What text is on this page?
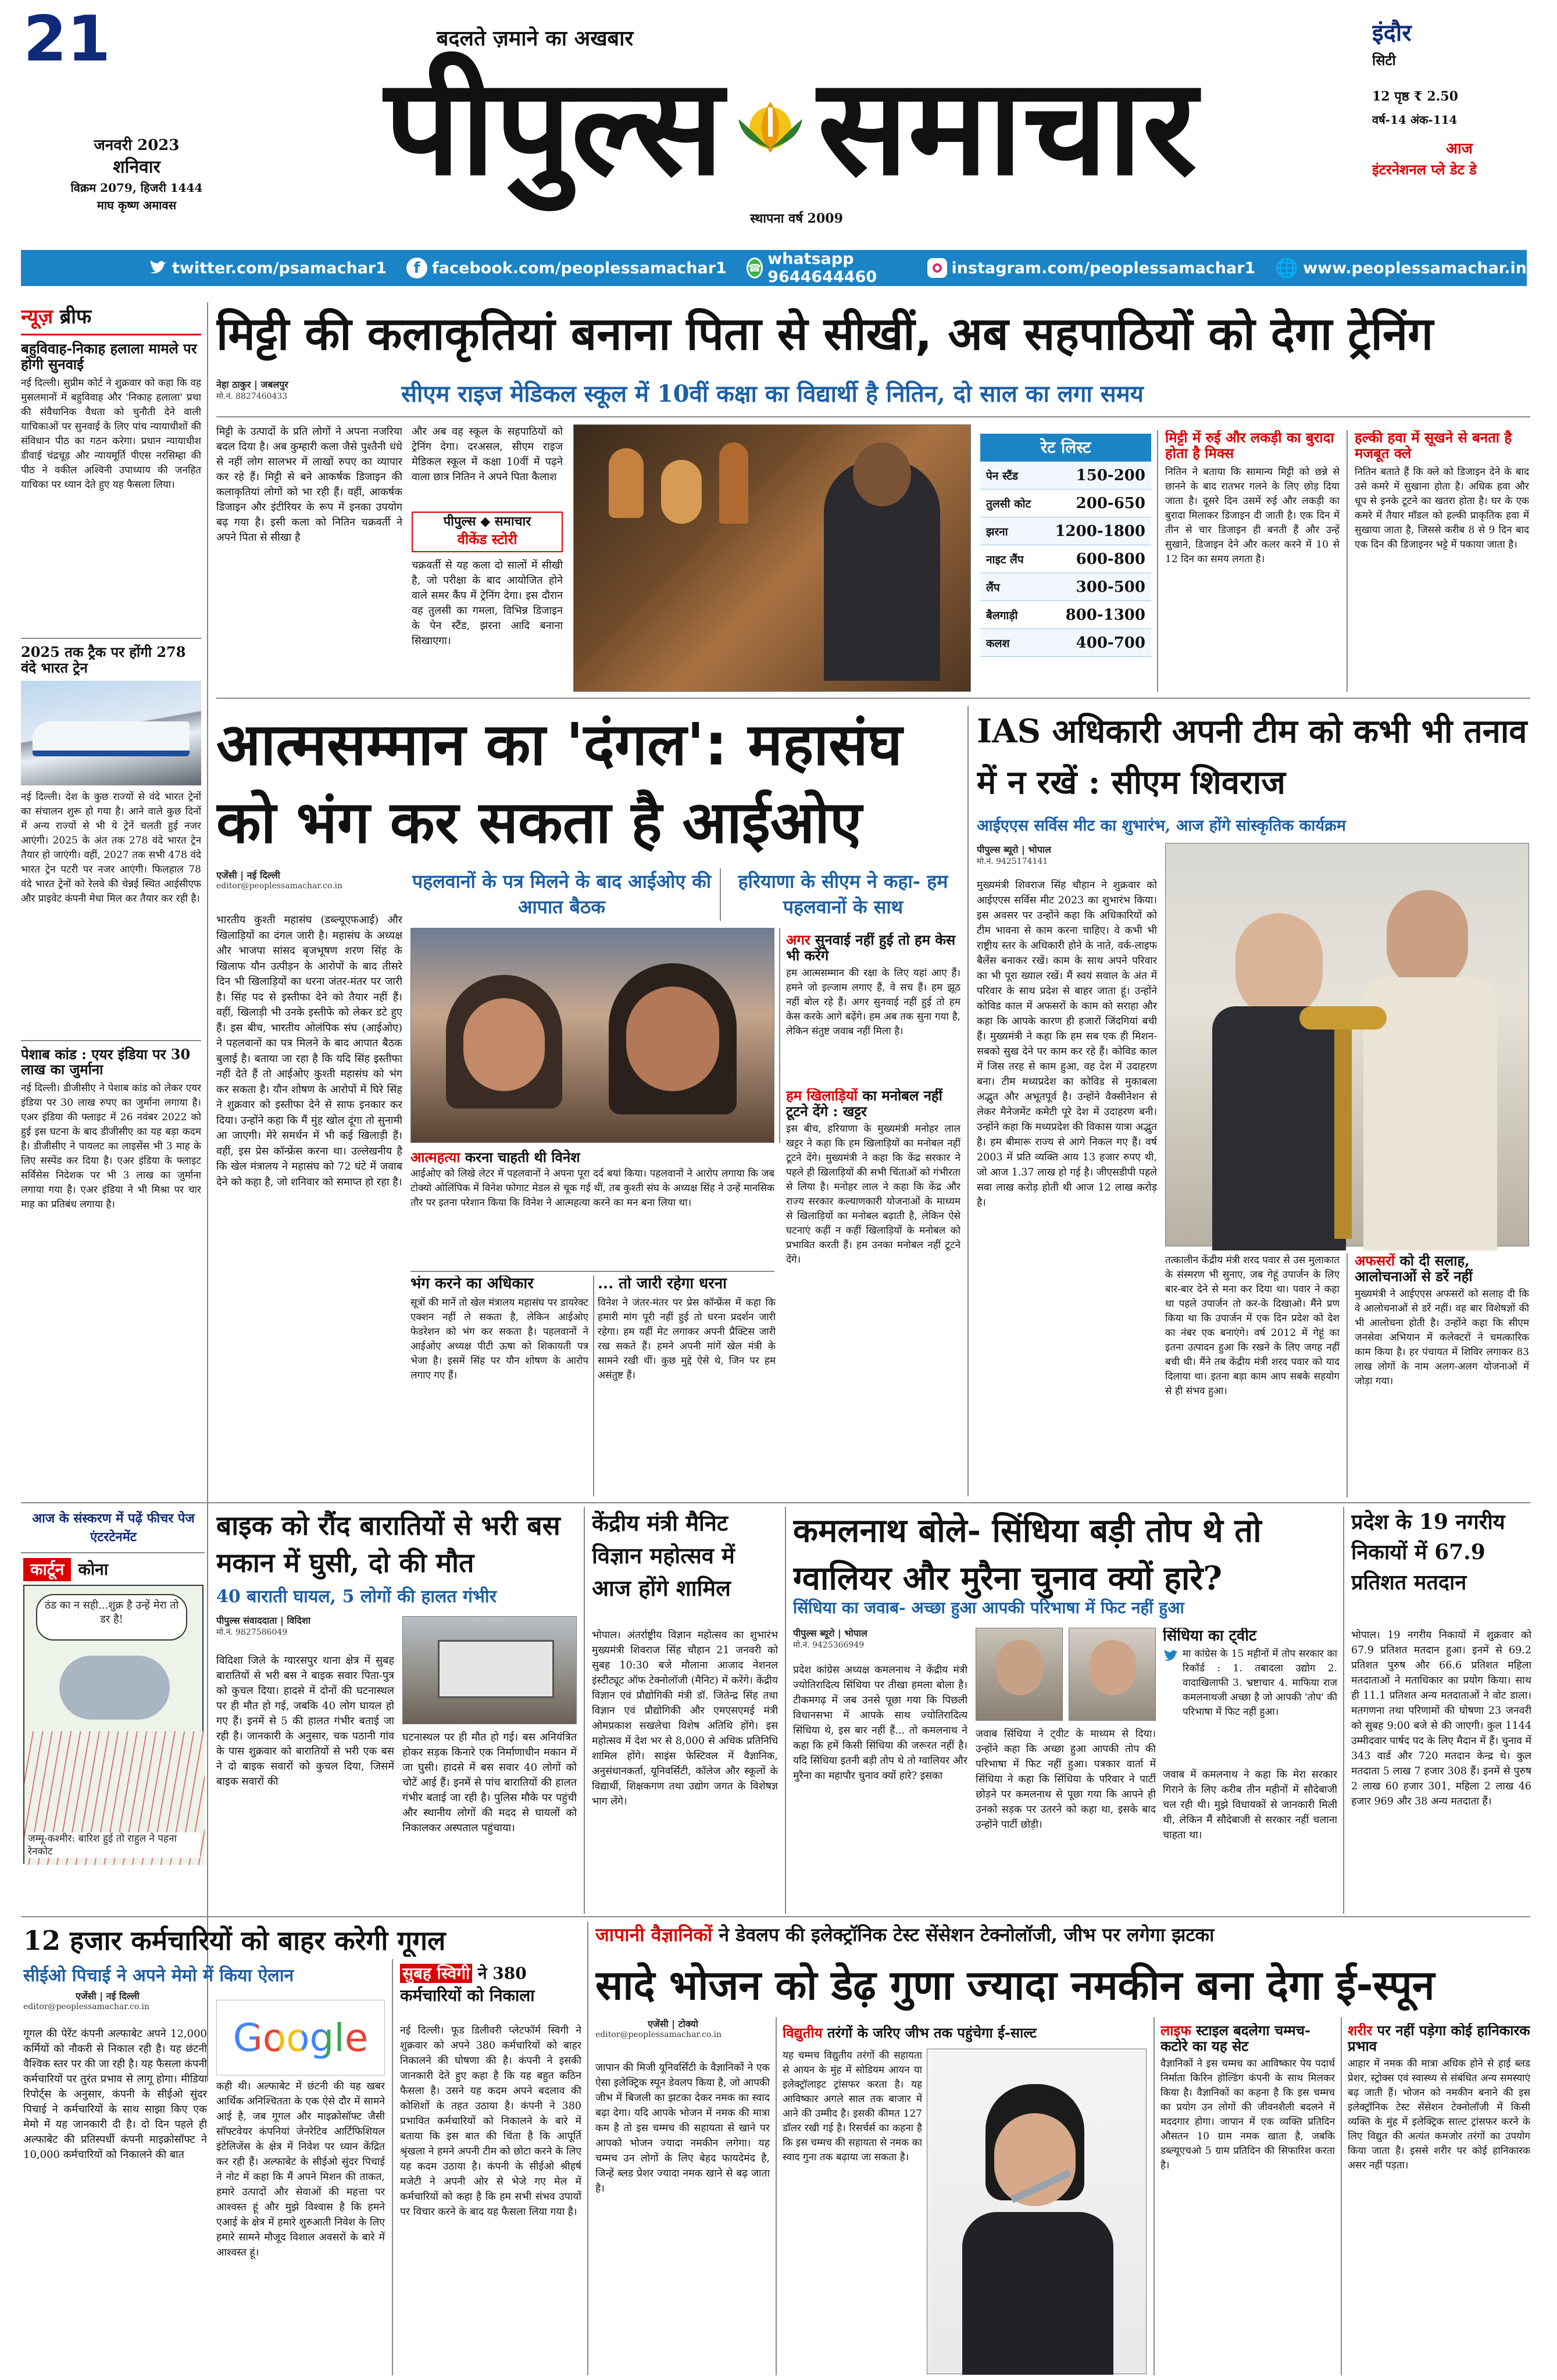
21
जनवरी 2023
शनिवार
विक्रम 2079, हिजरी 1444
माघ कृष्ण अमावस
बदलते ज़माने का अखबार
पीपुल्स समाचार
स्थापना वर्ष 2009
इंदौर
सिटी
12 पृष्ठ ₹ 2.50
वर्ष-14 अंक-114
आज
इंटरनेशनल प्ले डेट डे
twitter.com/psamachar1	f facebook.com/peoplessamachar1 ☎ whatsapp 9644644460	instagram.com/peoplessamachar1 🌐 www.peoplessamachar.in
न्यूज़ ब्रीफ
बहुविवाह-निकाह हलाला मामले पर होगी सुनवाई
नई दिल्ली। सुप्रीम कोर्ट ने शुक्रवार को कहा कि वह मुसलमानों में बहुविवाह और 'निकाह हलाला' प्रथा की संवैधानिक वैधता को चुनौती देने वाली याचिकाओं पर सुनवाई के लिए पांच न्यायाधीशों की संविधान पीठ का गठन करेगा। प्रधान न्यायाधीश डीवाई चंद्रचूड़ और न्यायमूर्ति पीएस नरसिम्हा की पीठ ने वकील अश्विनी उपाध्याय की जनहित याचिका पर ध्यान देते हुए यह फैसला लिया।
2025 तक ट्रैक पर होंगी 278 वंदे भारत ट्रेन
नई दिल्ली। देश के कुछ राज्यों से वंदे भारत ट्रेनों का संचालन शुरू हो गया है। आने वाले कुछ दिनों में अन्य राज्यों से भी ये ट्रेनें चलती हुई नजर आएंगी। 2025 के अंत तक 278 वंदे भारत ट्रेन तैयार हो जाएंगी। वहीं, 2027 तक सभी 478 वंदे भारत ट्रेन पटरी पर नजर आएंगी। फिलहाल 78 वंदे भारत ट्रेनों को रेलवे की चेन्नई स्थित आईसीएफ और प्राइवेट कंपनी मेधा मिल कर तैयार कर रही है।
पेशाब कांड : एयर इंडिया पर 30 लाख का जुर्माना
नई दिल्ली। डीजीसीए ने पेशाब कांड को लेकर एयर इंडिया पर 30 लाख रुपए का जुर्माना लगाया है। एअर इंडिया की फ्लाइट में 26 नवंबर 2022 को हुई इस घटना के बाद डीजीसीए का यह बड़ा कदम है। डीजीसीए ने पायलट का लाइसेंस भी 3 माह के लिए सस्पेंड कर दिया है। एअर इंडिया के फ्लाइट सर्विसेस निदेशक पर भी 3 लाख का जुर्माना लगाया गया है। एअर इंडिया ने भी मिश्रा पर चार माह का प्रतिबंध लगाया है।
मिट्टी की कलाकृतियां बनाना पिता से सीखीं, अब सहपाठियों को देगा ट्रेनिंग
नेहा ठाकुर | जबलपुर
मो.नं. 8827460433	सीएम राइज मेडिकल स्कूल में 10वीं कक्षा का विद्यार्थी है नितिन, दो साल का लगा समय
मिट्टी के उत्पादों के प्रति लोगों ने अपना नजरिया बदल दिया है। अब कुम्हारी कला जैसे पुश्तैनी धंधे से नहीं लोग सालभर में लाखों रुपए का व्यापार कर रहे हैं। मिट्टी से बने आकर्षक डिजाइन की कलाकृतियां लोगों को भा रही हैं। वहीं, आकर्षक डिजाइन और इंटीरियर के रूप में इनका उपयोग बढ़ गया है। इसी कला को नितिन चक्रवर्ती ने अपने पिता से सीखा है
और अब वह स्कूल के सहपाठियों को ट्रेनिंग देगा। दरअसल, सीएम राइज मेडिकल स्कूल में कक्षा 10वीं में पढ़ने वाला छात्र नितिन ने अपने पिता कैलाश
पीपुल्स ◆ समाचार
वीकेंड स्टोरी
चक्रवर्ती से यह कला दो सालों में सीखी है, जो परीक्षा के बाद आयोजित होने वाले समर कैंप में ट्रेनिंग देगा। इस दौरान वह तुलसी का गमला, विभिन्न डिजाइन के पेन स्टैंड, झरना आदि बनाना सिखाएगा।
रेट लिस्ट
पेन स्टैंड	150-200
तुलसी कोट	200-650
झरना	1200-1800
नाइट लैंप	600-800
लैंप	300-500
बैलगाड़ी	800-1300
कलश	400-700
मिट्टी में रुई और लकड़ी का बुरादा होता है मिक्स
नितिन ने बताया कि सामान्य मिट्टी को छन्ने से छानने के बाद रातभर गलने के लिए छोड़ दिया जाता है। दूसरे दिन उसमें रुई और लकड़ी का बुरादा मिलाकर डिजाइन दी जाती है। एक दिन में तीन से चार डिजाइन ही बनती हैं और उन्हें सुखाने, डिजाइन देने और कलर करने में 10 से 12 दिन का समय लगता है।
हल्की हवा में सूखने से बनता है मजबूत क्ले
नितिन बताते हैं कि क्ले को डिजाइन देने के बाद उसे कमरे में सुखाना होता है। अधिक हवा और धूप से इनके टूटने का खतरा होता है। घर के एक कमरे में तैयार मॉडल को हल्की प्राकृतिक हवा में सुखाया जाता है, जिससे करीब 8 से 9 दिन बाद एक दिन की डिजाइनर भट्टे में पकाया जाता है।
आत्मसम्मान का 'दंगल': महासंघ को भंग कर सकता है आईओए
एजेंसी | नई दिल्ली
editor@peoplessamachar.co.in	पहलवानों के पत्र मिलने के बाद आईओए की आपात बैठक
हरियाणा के सीएम ने कहा- हम पहलवानों के साथ
भारतीय कुश्ती महासंघ (डब्ल्यूएफआई) और खिलाड़ियों का दंगल जारी है। महासंघ के अध्यक्ष और भाजपा सांसद बृजभूषण शरण सिंह के खिलाफ यौन उत्पीड़न के आरोपों के बाद तीसरे दिन भी खिलाड़ियों का धरना जंतर-मंतर पर जारी है। सिंह पद से इस्तीफा देने को तैयार नहीं हैं। वहीं, खिलाड़ी भी उनके इस्तीफे को लेकर डटे हुए हैं। इस बीच, भारतीय ओलंपिक संघ (आईओए) ने पहलवानों का पत्र मिलने के बाद आपात बैठक बुलाई है। बताया जा रहा है कि यदि सिंह इस्तीफा नहीं देते हैं तो आईओए कुश्ती महासंघ को भंग कर सकता है। यौन शोषण के आरोपों में घिरे सिंह ने शुक्रवार को इस्तीफा देने से साफ इनकार कर दिया। उन्होंने कहा कि मैं मुंह खोल दूंगा तो सुनामी आ जाएगी। मेरे समर्थन में भी कई खिलाड़ी हैं। वहीं, इस प्रेस कॉन्फ्रेंस करना था। उल्लेखनीय है कि खेल मंत्रालय ने महासंघ को 72 घंटे में जवाब देने को कहा है, जो शनिवार को समाप्त हो रहा है।
अगर सुनवाई नहीं हुई तो हम केस भी करेंगे
हम आत्मसम्मान की रक्षा के लिए यहां आए हैं। हमने जो इल्जाम लगाए हैं, वे सच हैं। हम झूठ नहीं बोल रहे हैं। अगर सुनवाई नहीं हुई तो हम केस करके आगे बढ़ेंगे। हम अब तक सुना गया है, लेकिन संतुष्ट जवाब नहीं मिला है।
आत्महत्या करना चाहती थी विनेश
आईओए को लिखे लेटर में पहलवानों ने अपना पूरा दर्द बयां किया। पहलवानों ने आरोप लगाया कि जब टोक्यो ओलिंपिक में विनेश फोगाट मेडल से चूक गई थीं, तब कुश्ती संघ के अध्यक्ष सिंह ने उन्हें मानसिक तौर पर इतना परेशान किया कि विनेश ने आत्महत्या करने का मन बना लिया था।
भंग करने का अधिकार
सूत्रों की मानें तो खेल मंत्रालय महासंघ पर डायरेक्ट एक्शन नहीं ले सकता है, लेकिन आईओए फेडरेशन को भंग कर सकता है। पहलवानों ने आईओए अध्यक्ष पीटी ऊषा को शिकायती पत्र भेजा है। इसमें सिंह पर यौन शोषण के आरोप लगाए गए हैं।
... तो जारी रहेगा धरना
विनेश ने जंतर-मंतर पर प्रेस कॉन्फ्रेंस में कहा कि हमारी मांग पूरी नहीं हुई तो धरना प्रदर्शन जारी रहेगा। हम यहीं मेट लगाकर अपनी प्रैक्टिस जारी रख सकते हैं। हमने अपनी मांगें खेल मंत्री के सामने रखी थीं। कुछ मुद्दे ऐसे थे, जिन पर हम असंतुष्ट हैं।
हम खिलाड़ियों का मनोबल नहीं टूटने देंगे : खट्टर
इस बीच, हरियाणा के मुख्यमंत्री मनोहर लाल खट्टर ने कहा कि हम खिलाड़ियों का मनोबल नहीं टूटने देंगे। मुख्यमंत्री ने कहा कि केंद्र सरकार ने पहले ही खिलाड़ियों की सभी चिंताओं को गंभीरता से लिया है। मनोहर लाल ने कहा कि केंद्र और राज्य सरकार कल्याणकारी योजनाओं के माध्यम से खिलाड़ियों का मनोबल बढ़ाती है, लेकिन ऐसे घटनाएं कहीं न कहीं खिलाड़ियों के मनोबल को प्रभावित करती हैं। हम उनका मनोबल नहीं टूटने देंगे।
IAS अधिकारी अपनी टीम को कभी भी तनाव में न रखें : सीएम शिवराज
आईएएस सर्विस मीट का शुभारंभ, आज होंगे सांस्कृतिक कार्यक्रम
पीपुल्स ब्यूरो | भोपाल
मो.नं. 9425174141
मुख्यमंत्री शिवराज सिंह चौहान ने शुक्रवार को आईएएस सर्विस मीट 2023 का शुभारंभ किया। इस अवसर पर उन्होंने कहा कि अधिकारियों को टीम भावना से काम करना चाहिए। वे कभी भी राष्ट्रीय स्तर के अधिकारी होने के नाते, वर्क-लाइफ बैलेंस बनाकर रखें। काम के साथ अपने परिवार का भी पूरा ख्याल रखें। मैं स्वयं सवाल के अंत में परिवार के साथ प्रदेश से बाहर जाता हूं। उन्होंने कोविड काल में अफसरों के काम को सराहा और कहा कि आपके कारण ही हजारों जिंदगियां बची हैं। मुख्यमंत्री ने कहा कि हम सब एक ही मिशन-सबको सुख देने पर काम कर रहे हैं। कोविड काल में जिस तरह से काम हुआ, वह देश में उदाहरण बना। टीम मध्यप्रदेश का कोविड से मुकाबला अद्भुत और अभूतपूर्व है। उन्होंने वैक्सीनेशन से लेकर मैनेजमेंट कमेटी पूरे देश में उदाहरण बनी। उन्होंने कहा कि मध्यप्रदेश की विकास यात्रा अद्भुत है। हम बीमारू राज्य से आगे निकल गए हैं। वर्ष 2003 में प्रति व्यक्ति आय 13 हजार रुपए थी, जो आज 1.37 लाख हो गई है। जीएसडीपी पहले सवा लाख करोड़ होती थी आज 12 लाख करोड़ है।
तत्कालीन केंद्रीय मंत्री शरद पवार से उस मुलाकात के संस्मरण भी सुनाए, जब गेहूं उपार्जन के लिए बार-बार देने से मना कर दिया था। पवार ने कहा था पहले उपार्जन तो कर-के दिखाओ। मैंने प्रण किया था कि उपार्जन में एक दिन प्रदेश को देश का नंबर एक बनाएंगे। वर्ष 2012 में गेहूं का इतना उत्पादन हुआ कि रखने के लिए जगह नहीं बची थी। मैंने तब केंद्रीय मंत्री शरद पवार को याद दिलाया था। इतना बड़ा काम आप सबके सहयोग से ही संभव हुआ।
अफसरों को दी सलाह, आलोचनाओं से डरें नहीं
मुख्यमंत्री ने आईएएस अफसरों को सलाह दी कि वे आलोचनाओं से डरें नहीं। वह बार विशेषज्ञों की भी आलोचना होती है। उन्होंने कहा कि सीएम जनसेवा अभियान में कलेक्टरों ने चमत्कारिक काम किया है। हर पंचायत में शिविर लगाकर 83 लाख लोगों के नाम अलग-अलग योजनाओं में जोड़ा गया।
आज के संस्करण में पढ़ें फीचर पेज एंटरटेनमेंट
कार्टून कोना
ठंड का न सही...शुक्र है उन्हें मेरा तो डर है!
जम्मू-कश्मीर: बारिश हुई तो राहुल ने पहना रेनकोट
बाइक को रौंद बारातियों से भरी बस मकान में घुसी, दो की मौत
40 बाराती घायल, 5 लोगों की हालत गंभीर
पीपुल्स संवाददाता | विदिशा
मो.नं. 9827586049
विदिशा जिले के ग्यारसपुर थाना क्षेत्र में सुबह बारातियों से भरी बस ने बाइक सवार पिता-पुत्र को कुचल दिया। हादसे में दोनों की घटनास्थल पर ही मौत हो गई, जबकि 40 लोग घायल हो गए हैं। इनमें से 5 की हालत गंभीर बताई जा रही है। जानकारी के अनुसार, चक पठानी गांव के पास शुक्रवार को बारातियों से भरी एक बस ने दो बाइक सवारों को कुचल दिया, जिसमें बाइक सवारों की
घटनास्थल पर ही मौत हो गई। बस अनियंत्रित होकर सड़क किनारे एक निर्माणाधीन मकान में जा घुसी। हादसे में बस सवार 40 लोगों को चोटें आई हैं। इनमें से पांच बारातियों की हालत गंभीर बताई जा रही है। पुलिस मौके पर पहुंची और स्थानीय लोगों की मदद से घायलों को निकालकर अस्पताल पहुंचाया।
केंद्रीय मंत्री मैनिट विज्ञान महोत्सव में आज होंगे शामिल
भोपाल। अंतर्राष्ट्रीय विज्ञान महोत्सव का शुभारंभ मुख्यमंत्री शिवराज सिंह चौहान 21 जनवरी को सुबह 10:30 बजे मौलाना आजाद नेशनल इंस्टीट्यूट ऑफ टेक्नोलॉजी (मैनिट) में करेंगे। केंद्रीय विज्ञान एवं प्रौद्योगिकी मंत्री डॉ. जितेन्द्र सिंह तथा विज्ञान एवं प्रौद्योगिकी और एमएसएमई मंत्री ओमप्रकाश सखलेचा विशेष अतिथि होंगे। इस महोत्सव में देश भर से 8,000 से अधिक प्रतिनिधि शामिल होंगे। साइंस फेस्टिवल में वैज्ञानिक, अनुसंधानकर्ता, यूनिवर्सिटी, कॉलेज और स्कूलों के विद्यार्थी, शिक्षकगण तथा उद्योग जगत के विशेषज्ञ भाग लेंगे।
कमलनाथ बोले- सिंधिया बड़ी तोप थे तो ग्वालियर और मुरैना चुनाव क्यों हारे?
सिंधिया का जवाब- अच्छा हुआ आपकी परिभाषा में फिट नहीं हुआ
पीपुल्स ब्यूरो | भोपाल
मो.नं. 9425366949
प्रदेश कांग्रेस अध्यक्ष कमलनाथ ने केंद्रीय मंत्री ज्योतिरादित्य सिंधिया पर तीखा हमला बोला है। टीकमगढ़ में जब उनसे पूछा गया कि पिछली विधानसभा में आपके साथ ज्योतिरादित्य सिंधिया थे, इस बार नहीं हैं... तो कमलनाथ ने कहा कि हमें किसी सिंधिया की जरूरत नहीं है। यदि सिंधिया इतनी बड़ी तोप थे तो ग्वालियर और मुरैना का महापौर चुनाव क्यों हारे? इसका
जवाब सिंधिया ने ट्वीट के माध्यम से दिया। उन्होंने कहा कि अच्छा हुआ आपकी तोप की परिभाषा में फिट नहीं हुआ। पत्रकार वार्ता में सिंधिया ने कहा कि सिंधिया के परिवार ने पार्टी छोड़ने पर कमलनाथ से पूछा गया कि आपने ही उनको सड़क पर उतरने को कहा था, इसके बाद उन्होंने पार्टी छोड़ी।
सिंधिया का ट्वीट
मा कांग्रेस के 15 महीनों में तोप सरकार का रिकॉर्ड : 1. तबादला उद्योग 2. वादाखिलाफी 3. भ्रष्टाचार 4. माफिया राज कमलनाथजी अच्छा है जो आपकी 'तोप' की परिभाषा में फिट नहीं हुआ।
जवाब में कमलनाथ ने कहा कि मेरा सरकार गिराने के लिए करीब तीन महीनों में सौदेबाजी चल रही थी। मुझे विधायकों से जानकारी मिली थी, लेकिन मैं सौदेबाजी से सरकार नहीं चलाना चाहता था।
प्रदेश के 19 नगरीय निकायों में 67.9 प्रतिशत मतदान
भोपाल। 19 नगरीय निकायों में शुक्रवार को 67.9 प्रतिशत मतदान हुआ। इनमें से 69.2 प्रतिशत पुरुष और 66.6 प्रतिशत महिला मतदाताओं ने मताधिकार का प्रयोग किया। साथ ही 11.1 प्रतिशत अन्य मतदाताओं ने वोट डाला। मतगणना तथा परिणामों की घोषणा 23 जनवरी को सुबह 9:00 बजे से की जाएगी। कुल 1144 उम्मीदवार पार्षद पद के लिए मैदान में हैं। चुनाव में 343 वार्ड और 720 मतदान केन्द्र थे। कुल मतदाता 5 लाख 7 हजार 308 हैं। इनमें से पुरुष 2 लाख 60 हजार 301, महिला 2 लाख 46 हजार 969 और 38 अन्य मतदाता हैं।
12 हजार कर्मचारियों को बाहर करेगी गूगल
सीईओ पिचाई ने अपने मेमो में किया ऐलान
एजेंसी | नई दिल्ली
editor@peoplessamachar.co.in
गूगल की पेरेंट कंपनी अल्फाबेट अपने 12,000 कर्मियों को नौकरी से निकाल रही है। यह छंटनी वैश्विक स्तर पर की जा रही है। यह फैसला कंपनी कर्मचारियों पर तुरंत प्रभाव से लागू होगा। मीडिया रिपोर्ट्स के अनुसार, कंपनी के सीईओ सुंदर पिचाई ने कर्मचारियों के साथ साझा किए एक मेमो में यह जानकारी दी है। दो दिन पहले ही अल्फाबेट की प्रतिस्पर्धी कंपनी माइक्रोसॉफ्ट ने 10,000 कर्मचारियों को निकालने की बात
Google
कही थी। अल्फाबेट में छंटनी की यह खबर आर्थिक अनिश्चितता के एक ऐसे दौर में सामने आई है, जब गूगल और माइक्रोसॉफ्ट जैसी सॉफ्टवेयर कंपनियां जेनरेटिव आर्टिफिशियल इंटेलिजेंस के क्षेत्र में निवेश पर ध्यान केंद्रित कर रही हैं। अल्फाबेट के सीईओ सुंदर पिचाई ने नोट में कहा कि मैं अपने मिशन की ताकत, हमारे उत्पादों और सेवाओं की महत्ता पर आश्वस्त हूं और मुझे विश्वास है कि हमने एआई के क्षेत्र में हमारे शुरुआती निवेश के लिए हमारे सामने मौजूद विशाल अवसरों के बारे में आश्वस्त हूं।
सुबह स्विगी ने 380 कर्मचारियों को निकाला
नई दिल्ली। फूड डिलीवरी प्लेटफॉर्म स्विगी ने शुक्रवार को अपने 380 कर्मचारियों को बाहर निकालने की घोषणा की है। कंपनी ने इसकी जानकारी देते हुए कहा है कि यह बहुत कठिन फैसला है। उसने यह कदम अपने बदलाव की कोशिशों के तहत उठाया है। कंपनी ने 380 प्रभावित कर्मचारियों को निकालने के बारे में बताया कि इस बात की चिंता है कि आपूर्ति श्रृंखला ने हमने अपनी टीम को छोटा करने के लिए यह कदम उठाया है। कंपनी के सीईओ श्रीहर्ष मजेटी ने अपनी ओर से भेजे गए मेल में कर्मचारियों को कहा है कि हम सभी संभव उपायों पर विचार करने के बाद यह फैसला लिया गया है।
जापानी वैज्ञानिकों ने डेवलप की इलेक्ट्रॉनिक टेस्ट सेंसेशन टेक्नोलॉजी, जीभ पर लगेगा झटका
सादे भोजन को डेढ़ गुणा ज्यादा नमकीन बना देगा ई-स्पून
एजेंसी | टोक्यो
editor@peoplessamachar.co.in
जापान की मिजी यूनिवर्सिटी के वैज्ञानिकों ने एक ऐसा इलेक्ट्रिक स्पून डेवलप किया है, जो आपकी जीभ में बिजली का झटका देकर नमक का स्वाद बढ़ा देगा। यदि आपके भोजन में नमक की मात्रा कम है तो इस चम्मच की सहायता से खाने पर आपको भोजन ज्यादा नमकीन लगेगा। यह चम्मच उन लोगों के लिए बेहद फायदेमंद है, जिन्हें ब्लड प्रेशर ज्यादा नमक खाने से बढ़ जाता है।
विद्युतीय तरंगों के जरिए जीभ तक पहुंचेगा ई-साल्ट
यह चम्मच विद्युतीय तरंगों की सहायता से आयन के मुंह में सोडियम आयन या इलेक्ट्रॉलाइट ट्रांसफर करता है। यह आविष्कार अगले साल तक बाजार में आने की उम्मीद है। इसकी कीमत 127 डॉलर रखी गई है। रिसर्चर्स का कहना है कि इस चम्मच की सहायता से नमक का स्वाद गुना तक बढ़ाया जा सकता है।
लाइफ स्टाइल बदलेगा चम्मच-कटोरे का यह सेट
वैज्ञानिकों ने इस चम्मच का आविष्कार पेय पदार्थ निर्माता किरिन होल्डिंग कंपनी के साथ मिलकर किया है। वैज्ञानिकों का कहना है कि इस चम्मच का प्रयोग उन लोगों की जीवनशैली बदलने में मददगार होगा। जापान में एक व्यक्ति प्रतिदिन औसतन 10 ग्राम नमक खाता है, जबकि डब्ल्यूएचओ 5 ग्राम प्रतिदिन की सिफारिश करता है।
शरीर पर नहीं पड़ेगा कोई हानिकारक प्रभाव
आहार में नमक की मात्रा अधिक होने से हाई ब्लड प्रेशर, स्ट्रोक्स एवं स्वास्थ्य से संबंधित अन्य समस्याएं बढ़ जाती हैं। भोजन को नमकीन बनाने की इस इलेक्ट्रॉनिक टेस्ट सेंसेशन टेक्नोलॉजी में किसी व्यक्ति के मुंह में इलेक्ट्रिक साल्ट ट्रांसफर करने के लिए विद्युत की अत्यंत कमजोर तरंगों का उपयोग किया जाता है। इससे शरीर पर कोई हानिकारक असर नहीं पड़ता।
